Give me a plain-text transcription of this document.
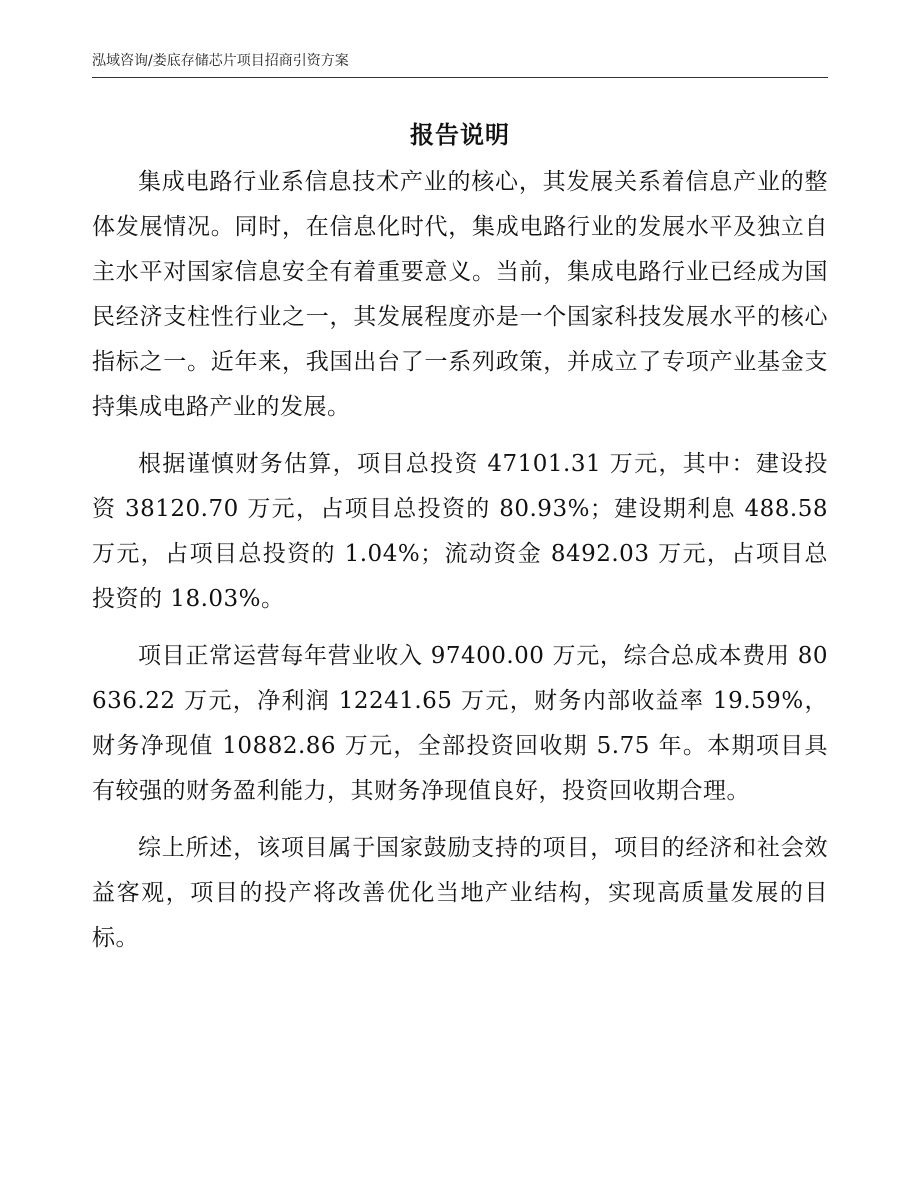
泓域咨询/娄底存储芯片项目招商引资方案
报告说明

集成电路行业系信息技术产业的核心，其发展关系着信息产业的整体发展情况。同时，在信息化时代，集成电路行业的发展水平及独立自主水平对国家信息安全有着重要意义。当前，集成电路行业已经成为国民经济支柱性行业之一，其发展程度亦是一个国家科技发展水平的核心指标之一。近年来，我国出台了一系列政策，并成立了专项产业基金支持集成电路产业的发展。

根据谨慎财务估算，项目总投资 47101.31 万元，其中：建设投资 38120.70 万元，占项目总投资的 80.93%；建设期利息 488.58 万元，占项目总投资的 1.04%；流动资金 8492.03 万元，占项目总投资的 18.03%。

项目正常运营每年营业收入 97400.00 万元，综合总成本费用 80636.22 万元，净利润 12241.65 万元，财务内部收益率 19.59%，财务净现值 10882.86 万元，全部投资回收期 5.75 年。本期项目具有较强的财务盈利能力，其财务净现值良好，投资回收期合理。

综上所述，该项目属于国家鼓励支持的项目，项目的经济和社会效益客观，项目的投产将改善优化当地产业结构，实现高质量发展的目标。
